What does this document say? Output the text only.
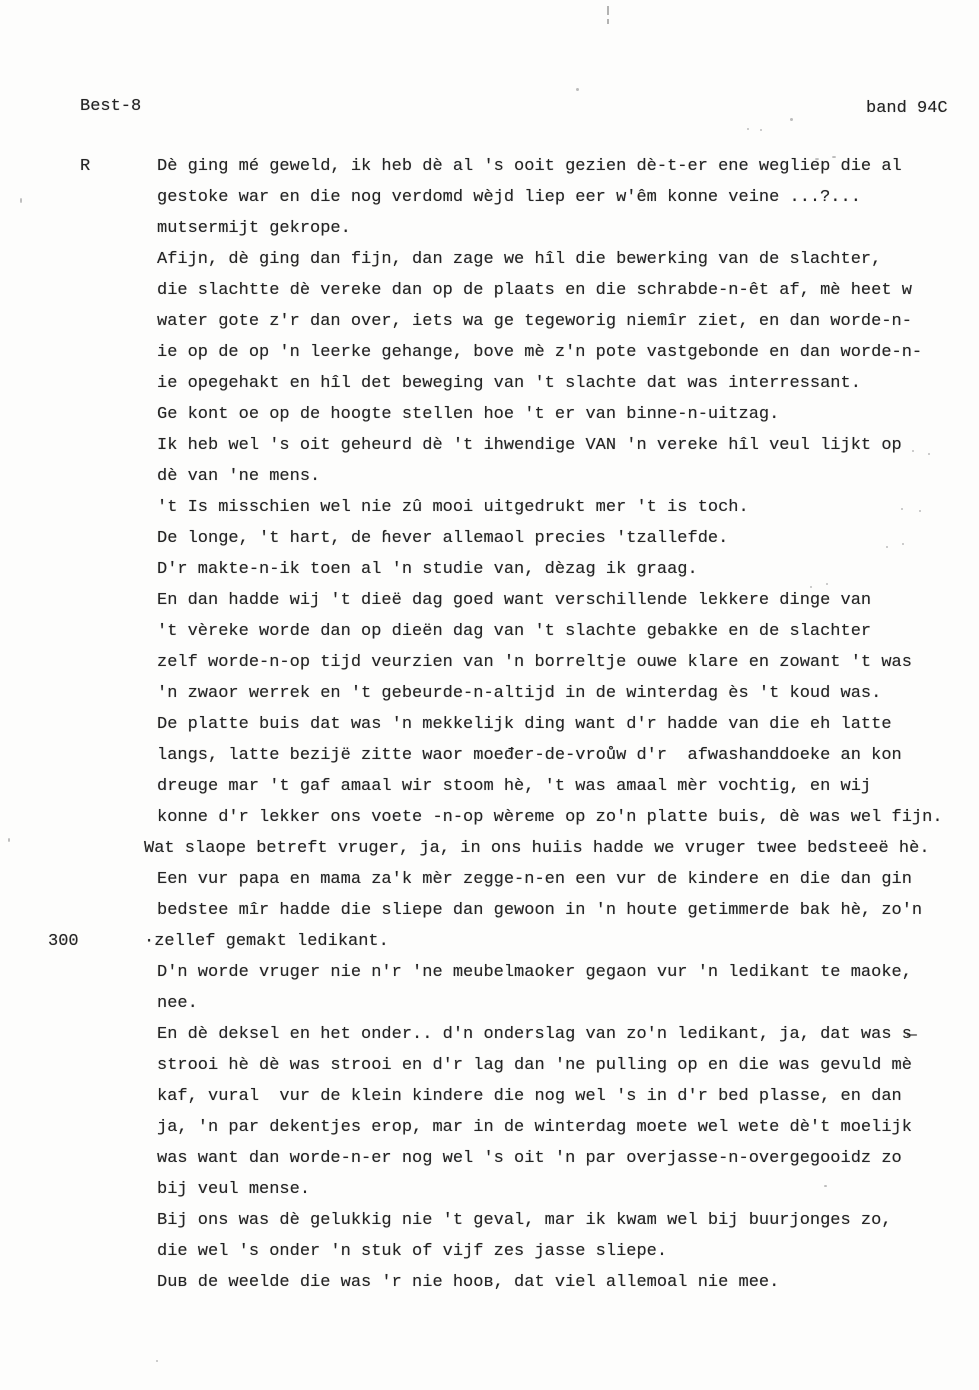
Best-8	band 94C
R	Dè ging mé geweld, ik heb dè al 's ooit gezien dè-t-er ene wegliep die al
gestoke war en die nog verdomd wèjd liep eer w'êm konne veine ...?...
mutsermijt gekrope.
Afijn, dè ging dan fijn, dan zage we hîl die bewerking van de slachter,
die slachtte dè vereke dan op de plaats en die schrabde-n-êt af, mè heet w
water gote z'r dan over, iets wa ge tegeworig niemîr ziet, en dan worde-n-
ie op de op 'n leerke gehange, bove mè z'n pote vastgebonde en dan worde-n-
ie opegehakt en hîl det beweging van 't slachte dat was interressant.
Ge kont oe op de hoogte stellen hoe 't er van binne-n-uitzag.
Ik heb wel 's oit geheurd dè 't ihwendige VAN 'n vereke hîl veul lijkt op
dè van 'ne mens.
't Is misschien wel nie zû mooi uitgedrukt mer 't is toch.
De longe, 't hart, de ɦever allemaol precies 'tzallefde.
D'r makte-n-ik toen al 'n studie van, dèzag ik graag.
En dan hadde wij 't dieë dag goed want verschillende lekkere dinge van
't vèreke worde dan op dieën dag van 't slachte gebakke en de slachter
zelf worde-n-op tijd veurzien van 'n borreltje ouwe klare en zowant 't was
'n zwaor werrek en 't gebeurde-n-altijd in de winterdag ès 't koud was.
De platte buis dat was 'n mekkelijk ding want d'r hadde van die eh latte
langs, latte bezijë zitte waor moeđer-de-vroůw d'r  afwashanddoeke an kon
dreuge mar 't gaf amaal wir stoom hè, 't was amaal mèr vochtig, en wij
konne d'r lekker ons voete -n-op wèreme op zo'n platte buis, dè was wel fijn.
Wat slaope betreft vruger, ja, in ons huiis hadde we vruger twee bedsteeë hè.
Een vur papa en mama za'k mèr zegge-n-en een vur de kindere en die dan gin
bedstee mîr hadde die sliepe dan gewoon in 'n houte getimmerde bak hè, zo'n
300	·zellef gemakt ledikant.
D'n worde vruger nie n'r 'ne meubelmaoker gegaon vur 'n ledikant te maoke,
nee.
En dè deksel en het onder.. d'n onderslag van zo'n ledikant, ja, dat was s̶
strooi hè dè was strooi en d'r lag dan 'ne pulling op en die was gevuld mè
kaf, vural  vur de klein kindere die nog wel 's in d'r bed plasse, en dan
ja, 'n par dekentjes erop, mar in de winterdag moete wel wete dè't moelijk
was want dan worde-n-er nog wel 's oit 'n par overjasse-n-overgegooidz zo
bij veul mense.
Bij ons was dè gelukkig nie 't geval, mar ik kwam wel bij buurjonges zo,
die wel 's onder 'n stuk of vijf zes jasse sliepe.
Duʙ de weelde die was 'r nie hooʙ, dat viel allemoal nie mee.
